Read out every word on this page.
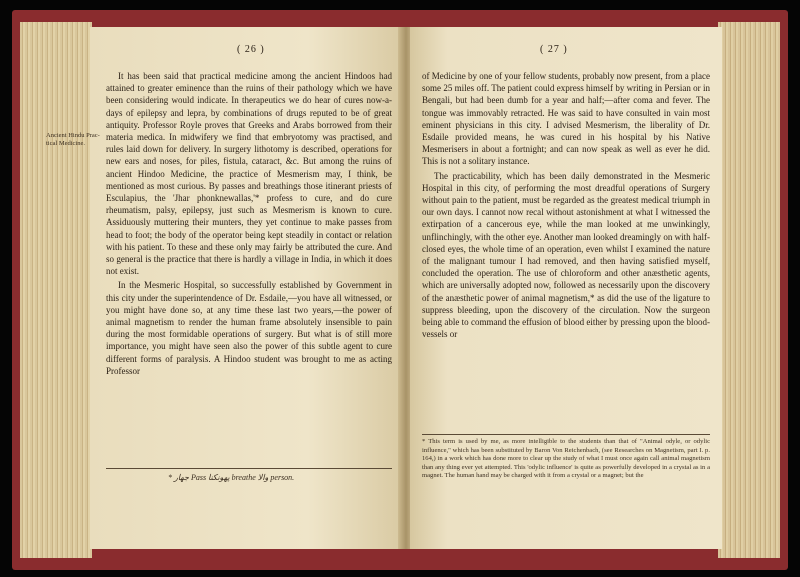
( 26 )
Ancient Hindu Prac-tical Medicine.

It has been said that practical medicine among the ancient Hindoos had attained to greater eminence than the ruins of their pathology which we have been considering would indicate. In therapeutics we do hear of cures now-a-days of epilepsy and lepra, by combinations of drugs reputed to be of great antiquity. Professor Royle proves that Greeks and Arabs borrowed from their materia medica. In midwifery we find that embryotomy was practised, and rules laid down for delivery. In surgery lithotomy is described, operations for new ears and noses, for piles, fistula, cataract, &c. But among the ruins of ancient Hindoo Medicine, the practice of Mesmerism may, I think, be mentioned as most curious. By passes and breathings those itinerant priests of Esculapius, the 'Jhar phonknewallas,'* profess to cure, and do cure rheumatism, palsy, epilepsy, just such as Mesmerism is known to cure. Assiduously muttering their munters, they yet continue to make passes from head to foot; the body of the operator being kept steadily in contact or relation with his patient. To these and these only may fairly be attributed the cure. And so general is the practice that there is hardly a village in India, in which it does not exist.

In the Mesmeric Hospital, so successfully established by Government in this city under the superintendence of Dr. Esdaile,—you have all witnessed, or you might have done so, at any time these last two years,—the power of animal magnetism to render the human frame absolutely insensible to pain during the most formidable operations of surgery. But what is of still more importance, you might have seen also the power of this subtle agent to cure different forms of paralysis. A Hindoo student was brought to me as acting Professor

* جهار Pass پهونکنا breathe والا person.
( 27 )

of Medicine by one of your fellow students, probably now present, from a place some 25 miles off. The patient could express himself by writing in Persian or in Bengali, but had been dumb for a year and half;—after coma and fever. The tongue was immovably retracted. He was said to have consulted in vain most eminent physicians in this city. I advised Mesmerism, the liberality of Dr. Esdaile provided means, he was cured in his hospital by his Native Mesmerisers in about a fortnight; and can now speak as well as ever he did. This is not a solitary instance.

The practicability, which has been daily demonstrated in the Mesmeric Hospital in this city, of performing the most dreadful operations of Surgery without pain to the patient, must be regarded as the greatest medical triumph in our own days. I cannot now recal without astonishment at what I witnessed the extirpation of a cancerous eye, while the man looked at me unwinkingly, unflinchingly, with the other eye. Another man looked dreamingly on with half-closed eyes, the whole time of an operation, even whilst I examined the nature of the malignant tumour I had removed, and then having satisfied myself, concluded the operation. The use of chloroform and other anæsthetic agents, which are universally adopted now, followed as necessarily upon the discovery of the anæsthetic power of animal magnetism,* as did the use of the ligature to suppress bleeding, upon the discovery of the circulation. Now the surgeon being able to command the effusion of blood either by pressing upon the blood-vessels or

* This term is used by me, as more intelligible to the students than that of "Animal odyle, or odylic influence," which has been substituted by Baron Von Reichenbach, (see Researches on Magnetism, part I. p. 164,) in a work which has done more to clear up the study of what I must once again call animal magnetism than any thing ever yet attempted. This 'odylic influence' is quite as powerfully developed in a crystal as in a magnet. The human hand may be charged with it from a crystal or a magnet; but the
